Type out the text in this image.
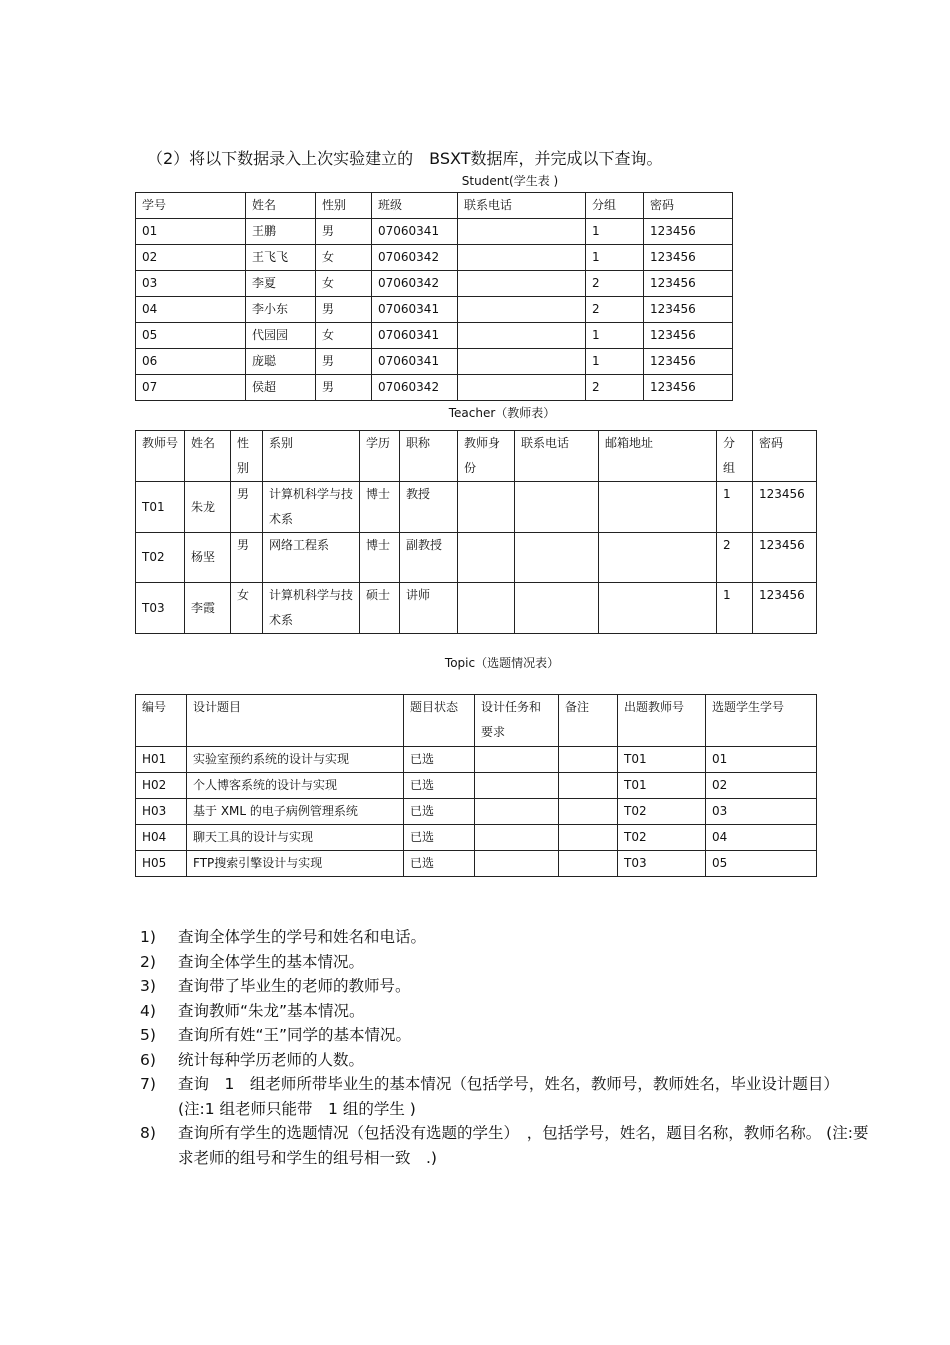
（2）将以下数据录入上次实验建立的　BSXT数据库，并完成以下查询。
Student(学生表 )
学号	姓名	性别	班级	联系电话	分组	密码
01	王鹏	男	07060341		1	123456
02	王飞飞	女	07060342		1	123456
03	李夏	女	07060342		2	123456
04	李小东	男	07060341		2	123456
05	代园园	女	07060341		1	123456
06	庞聪	男	07060341		1	123456
07	侯超	男	07060342		2	123456
Teacher（教师表）
教师号	姓名	性别	系别	学历	职称	教师身份	联系电话	邮箱地址	分组	密码
T01	朱龙	男	计算机科学与技术系	博士	教授				1	123456
T02	杨坚	男	网络工程系	博士	副教授				2	123456
T03	李霞	女	计算机科学与技术系	硕士	讲师				1	123456
Topic（选题情况表）
编号	设计题目	题目状态	设计任务和要求	备注	出题教师号	选题学生学号
H01	实验室预约系统的设计与实现	已选			T01	01
H02	个人博客系统的设计与实现	已选			T01	02
H03	基于 XML 的电子病例管理系统	已选			T02	03
H04	聊天工具的设计与实现	已选			T02	04
H05	FTP搜索引擎设计与实现	已选			T03	05
1)	查询全体学生的学号和姓名和电话。
2)	查询全体学生的基本情况。
3)	查询带了毕业生的老师的教师号。
4)	查询教师“朱龙”基本情况。
5)	查询所有姓“王”同学的基本情况。
6)	统计每种学历老师的人数。
7)	查询　1　组老师所带毕业生的基本情况（包括学号，姓名，教师号，教师姓名，毕业设计题目）　(注:1 组老师只能带　1 组的学生 )
8)	查询所有学生的选题情况（包括没有选题的学生）　，包括学号，姓名，题目名称，教师名称。 (注:要求老师的组号和学生的组号相一致　.)
